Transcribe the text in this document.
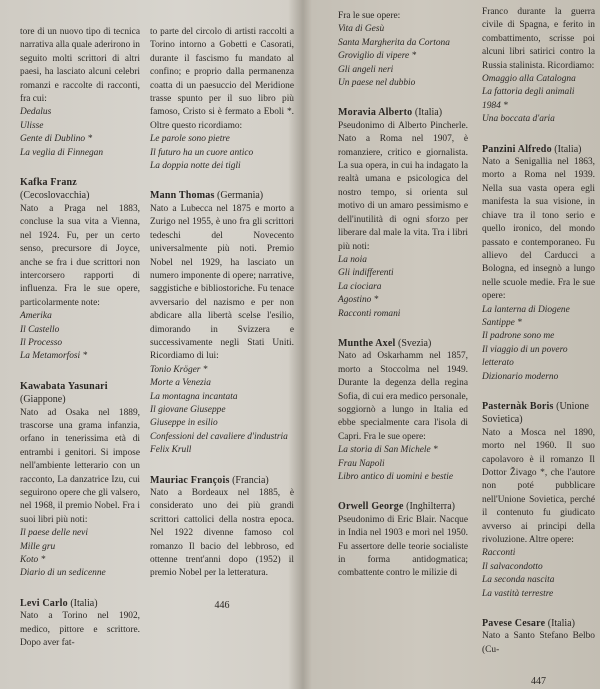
tore di un nuovo tipo di tecnica narrativa alla quale aderirono in seguito molti scrittori di altri paesi, ha lasciato alcuni celebri romanzi e raccolte di racconti, fra cui:
Dedalus
Ulisse
Gente di Dublino *
La veglia di Finnegan
Kafka Franz (Cecoslovacchia)
Nato a Praga nel 1883, concluse la sua vita a Vienna, nel 1924. Fu, per un certo senso, precursore di Joyce, anche se fra i due scrittori non intercorsero rapporti di influenza. Fra le sue opere, particolarmente note:
Amerika
Il Castello
Il Processo
La Metamorfosi *
Kawabata Yasunari (Giappone)
Nato ad Osaka nel 1889, trascorse una grama infanzia, orfano in tenerissima età di entrambi i genitori. Si impose nell'ambiente letterario con un racconto, La danzatrice Izu, cui seguirono opere che gli valsero, nel 1968, il premio Nobel. Fra i suoi libri più noti:
Il paese delle nevi
Mille gru
Koto *
Diario di un sedicenne
Levi Carlo (Italia)
Nato a Torino nel 1902, medico, pittore e scrittore. Dopo aver fat-
to parte del circolo di artisti raccolti a Torino intorno a Gobetti e Casorati, durante il fascismo fu mandato al confino; e proprio dalla permanenza coatta di un paesuccio del Meridione trasse spunto per il suo libro più famoso, Cristo si è fermato a Eboli *. Oltre questo ricordiamo:
Le parole sono pietre
Il futuro ha un cuore antico
La doppia notte dei tigli
Mann Thomas (Germania)
Nato a Lubecca nel 1875 e morto a Zurigo nel 1955, è uno fra gli scrittori tedeschi del Novecento universalmente più noti. Premio Nobel nel 1929, ha lasciato un numero imponente di opere; narrative, saggistiche e bibliostoriche. Fu tenace avversario del nazismo e per non abdicare alla libertà scelse l'esilio, dimorando in Svizzera e successivamente negli Stati Uniti. Ricordiamo di lui:
Tonio Kröger *
Morte a Venezia
La montagna incantata
Il giovane Giuseppe
Giuseppe in esilio
Confessioni del cavaliere d'industria Felix Krull
Mauriac François (Francia)
Nato a Bordeaux nel 1885, è considerato uno dei più grandi scrittori cattolici della nostra epoca. Nel 1922 divenne famoso col romanzo Il bacio del lebbroso, ed ottenne trent'anni dopo (1952) il premio Nobel per la letteratura.
446
Fra le sue opere:
Vita di Gesù
Santa Margherita da Cortona
Groviglio di vipere *
Gli angeli neri
Un paese nel dubbio
Moravia Alberto (Italia)
Pseudonimo di Alberto Pincherle. Nato a Roma nel 1907, è romanziere, critico e giornalista. La sua opera, in cui ha indagato la realtà umana e psicologica del nostro tempo, si orienta sul motivo di un amaro pessimismo e dell'inutilità di ogni sforzo per liberare dal male la vita. Tra i libri più noti:
La noia
Gli indifferenti
La ciociara
Agostino *
Racconti romani
Munthe Axel (Svezia)
Nato ad Oskarhamm nel 1857, morto a Stoccolma nel 1949. Durante la degenza della regina Sofia, di cui era medico personale, soggiornò a lungo in Italia ed ebbe specialmente cara l'isola di Capri. Fra le sue opere:
La storia di San Michele *
Frau Napoli
Libro antico di uomini e bestie
Orwell George (Inghilterra)
Pseudonimo di Eric Blair. Nacque in India nel 1903 e morì nel 1950. Fu assertore delle teorie socialiste in forma antidogmatica; combattente contro le milizie di
Franco durante la guerra civile di Spagna, e ferito in combattimento, scrisse poi alcuni libri satirici contro la Russia stalinista. Ricordiamo:
Omaggio alla Catalogna
La fattoria degli animali
1984 *
Una boccata d'aria
Panzini Alfredo (Italia)
Nato a Senigallia nel 1863, morto a Roma nel 1939. Nella sua vasta opera egli manifesta la sua visione, in chiave tra il tono serio e quello ironico, del mondo passato e contemporaneo. Fu allievo del Carducci a Bologna, ed insegnò a lungo nelle scuole medie. Fra le sue opere:
La lanterna di Diogene
Santippe *
Il padrone sono me
Il viaggio di un povero letterato
Dizionario moderno
Pasternàk Boris (Unione Sovietica)
Nato a Mosca nel 1890, morto nel 1960. Il suo capolavoro è il romanzo Il Dottor Živago *, che l'autore non poté pubblicare nell'Unione Sovietica, perché il contenuto fu giudicato avverso ai principi della rivoluzione. Altre opere:
Racconti
Il salvacondotto
La seconda nascita
La vastità terrestre
Pavese Cesare (Italia)
Nato a Santo Stefano Belbo (Cu-
447
